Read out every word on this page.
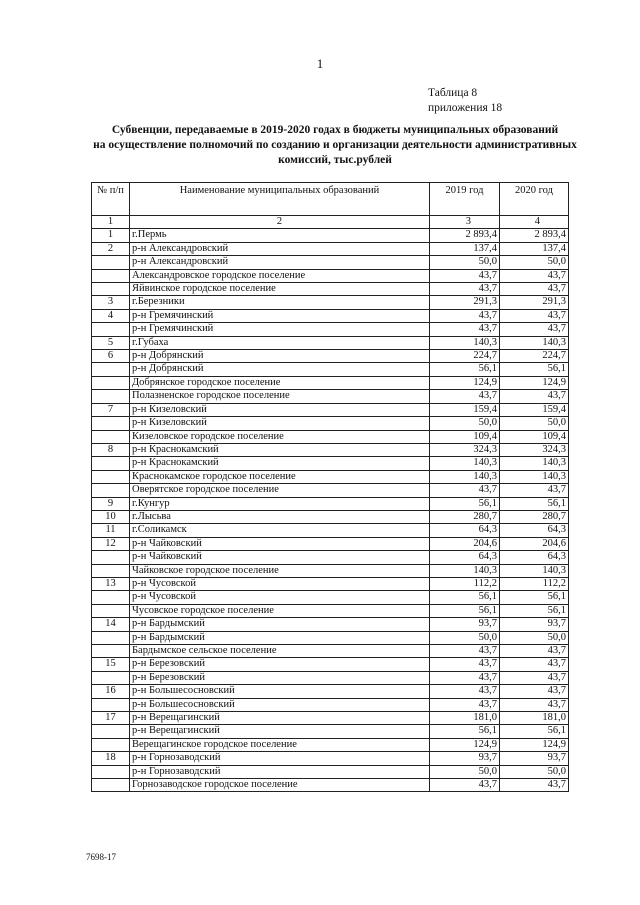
1
Таблица 8
приложения 18
Субвенции, передаваемые в 2019-2020 годах в бюджеты муниципальных образований
на осуществление полномочий по созданию и организации деятельности административных
комиссий, тыс.рублей
№ п/п	Наименование муниципальных образований	2019 год	2020 год
1	2	3	4
1	г.Пермь	2 893,4	2 893,4
2	р-н Александровский	137,4	137,4
	р-н Александровский	50,0	50,0
	Александровское городское поселение	43,7	43,7
	Яйвинское городское поселение	43,7	43,7
3	г.Березники	291,3	291,3
4	р-н Гремячинский	43,7	43,7
	р-н Гремячинский	43,7	43,7
5	г.Губаха	140,3	140,3
6	р-н Добрянский	224,7	224,7
	р-н Добрянский	56,1	56,1
	Добрянское городское поселение	124,9	124,9
	Полазненское городское поселение	43,7	43,7
7	р-н Кизеловский	159,4	159,4
	р-н Кизеловский	50,0	50,0
	Кизеловское городское поселение	109,4	109,4
8	р-н Краснокамский	324,3	324,3
	р-н Краснокамский	140,3	140,3
	Краснокамское городское поселение	140,3	140,3
	Оверятское городское поселение	43,7	43,7
9	г.Кунгур	56,1	56,1
10	г.Лысьва	280,7	280,7
11	г.Соликамск	64,3	64,3
12	р-н Чайковский	204,6	204,6
	р-н Чайковский	64,3	64,3
	Чайковское городское поселение	140,3	140,3
13	р-н Чусовской	112,2	112,2
	р-н Чусовской	56,1	56,1
	Чусовское городское поселение	56,1	56,1
14	р-н Бардымский	93,7	93,7
	р-н Бардымский	50,0	50,0
	Бардымское сельское поселение	43,7	43,7
15	р-н Березовский	43,7	43,7
	р-н Березовский	43,7	43,7
16	р-н Большесосновский	43,7	43,7
	р-н Большесосновский	43,7	43,7
17	р-н Верещагинский	181,0	181,0
	р-н Верещагинский	56,1	56,1
	Верещагинское городское поселение	124,9	124,9
18	р-н Горнозаводский	93,7	93,7
	р-н Горнозаводский	50,0	50,0
	Горнозаводское городское поселение	43,7	43,7
7698-17
